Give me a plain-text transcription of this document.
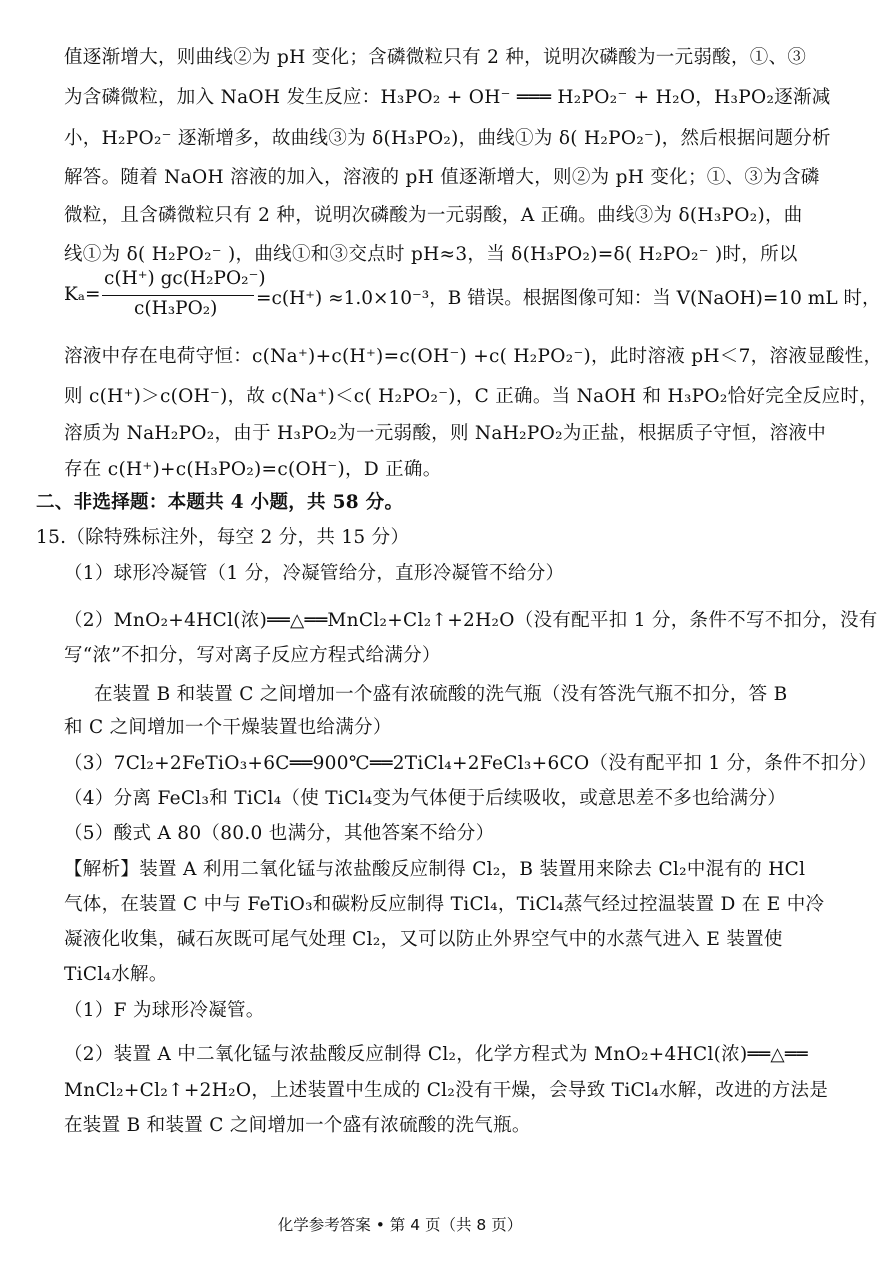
值逐渐增大，则曲线②为 pH 变化；含磷微粒只有 2 种，说明次磷酸为一元弱酸，①、③
为含磷微粒，加入 NaOH 发生反应：H₃PO₂ + OH⁻ ═══ H₂PO₂⁻ + H₂O，H₃PO₂逐渐减
小，H₂PO₂⁻ 逐渐增多，故曲线③为 δ(H₃PO₂)，曲线①为 δ( H₂PO₂⁻)，然后根据问题分析
解答。随着 NaOH 溶液的加入，溶液的 pH 值逐渐增大，则②为 pH 变化；①、③为含磷
微粒，且含磷微粒只有 2 种，说明次磷酸为一元弱酸，A 正确。曲线③为 δ(H₃PO₂)，曲
线①为 δ( H₂PO₂⁻ )，曲线①和③交点时 pH≈3，当 δ(H₃PO₂)=δ( H₂PO₂⁻ )时，所以
Kₐ=
c(H⁺) gc(H₂PO₂⁻)
c(H₃PO₂) =c(H⁺) ≈1.0×10⁻³，B 错误。根据图像可知：当 V(NaOH)=10 mL 时，
溶液中存在电荷守恒：c(Na⁺)+c(H⁺)=c(OH⁻) +c( H₂PO₂⁻)，此时溶液 pH＜7，溶液显酸性，
则 c(H⁺)＞c(OH⁻)，故 c(Na⁺)＜c( H₂PO₂⁻)，C 正确。当 NaOH 和 H₃PO₂恰好完全反应时，
溶质为 NaH₂PO₂，由于 H₃PO₂为一元弱酸，则 NaH₂PO₂为正盐，根据质子守恒，溶液中
存在 c(H⁺)+c(H₃PO₂)=c(OH⁻)，D 正确。
二、非选择题：本题共 4 小题，共 58 分。
15.（除特殊标注外，每空 2 分，共 15 分）
（1）球形冷凝管（1 分，冷凝管给分，直形冷凝管不给分）
（2）MnO₂+4HCl(浓)══△══MnCl₂+Cl₂↑+2H₂O（没有配平扣 1 分，条件不写不扣分，没有
写“浓”不扣分，写对离子反应方程式给满分）
在装置 B 和装置 C 之间增加一个盛有浓硫酸的洗气瓶（没有答洗气瓶不扣分，答 B
和 C 之间增加一个干燥装置也给满分）
（3）7Cl₂+2FeTiO₃+6C══900℃══2TiCl₄+2FeCl₃+6CO（没有配平扣 1 分，条件不扣分）
（4）分离 FeCl₃和 TiCl₄（使 TiCl₄变为气体便于后续吸收，或意思差不多也给满分）
（5）酸式 A 80（80.0 也满分，其他答案不给分）
【解析】装置 A 利用二氧化锰与浓盐酸反应制得 Cl₂，B 装置用来除去 Cl₂中混有的 HCl
气体，在装置 C 中与 FeTiO₃和碳粉反应制得 TiCl₄，TiCl₄蒸气经过控温装置 D 在 E 中冷
凝液化收集，碱石灰既可尾气处理 Cl₂，又可以防止外界空气中的水蒸气进入 E 装置使
TiCl₄水解。
（1）F 为球形冷凝管。
（2）装置 A 中二氧化锰与浓盐酸反应制得 Cl₂，化学方程式为 MnO₂+4HCl(浓)══△══
MnCl₂+Cl₂↑+2H₂O，上述装置中生成的 Cl₂没有干燥，会导致 TiCl₄水解，改进的方法是
在装置 B 和装置 C 之间增加一个盛有浓硫酸的洗气瓶。
化学参考答案 • 第 4 页（共 8 页）
